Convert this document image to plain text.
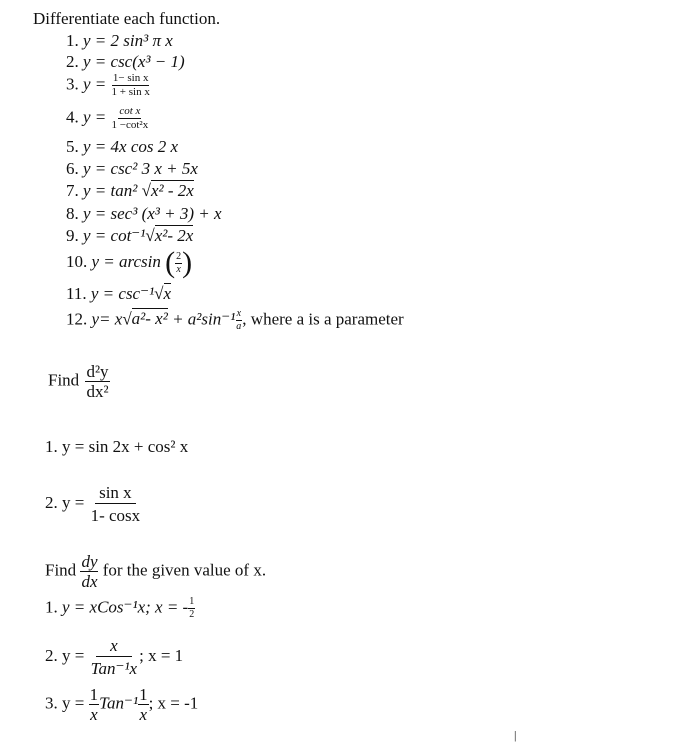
Differentiate each function.
1. y = 2 sin³ π x
2. y = csc(x³ − 1)
3. $y = \frac{\text{1− sin x}}{\text{1 + sin x}}$
4. $y = \frac{\text{cot x}}{\text{1 −cot²x}}$
5. y = 4x cos 2 x
6. y = csc² 3 x + 5x
7. y = tan² √x² - 2x
8. y = sec³ (x³ + 3) + x
9. y = cot⁻¹√x²- 2x
10. y = arcsin ( $\frac{2}{x}$ )
11. y = csc⁻¹√x
12. y= x√a²- $x^2 + a^2\sin^{-1} \frac{x}{a}$ , where a is a parameter
Find $\frac{\text{d²y}}{\text{dx²}}$
1. y = sin 2x + cos² x
2. $y = \frac{\text{sin x}}{1- \cos x}$
Find $\frac{dy}{dx}$ for the given value of x.
1. y = xCos⁻¹x; x = - $\frac{1}{2}$
2. $y = \frac{x}{\text{Tan⁻¹x}}$ ; x = 1
3. $y = \frac{1}{x} Tan^{-1} \frac{1}{x}$ ; x = -1
|
